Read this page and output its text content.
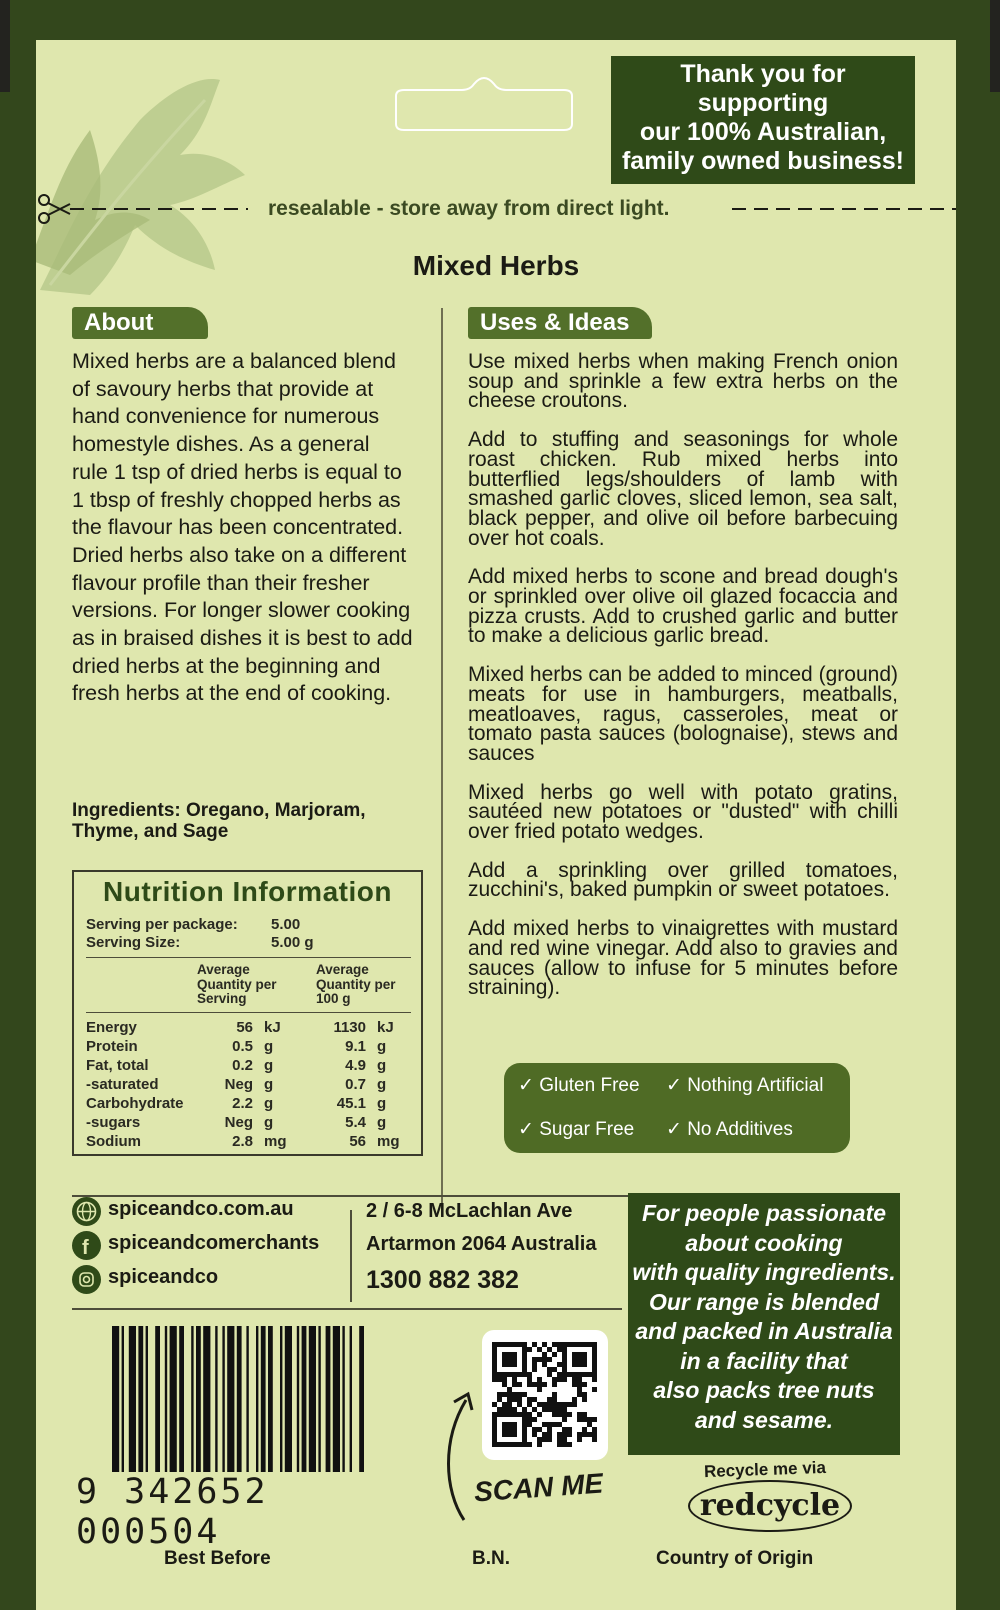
Thank you for
supporting
our 100% Australian,
family owned business!
resealable - store away from direct light.
Mixed Herbs
About	Uses & Ideas
Mixed herbs are a balanced blend
of savoury herbs that provide at
hand convenience for numerous
homestyle dishes. As a general
rule 1 tsp of dried herbs is equal to
1 tbsp of freshly chopped herbs as
the flavour has been concentrated.
Dried herbs also take on a different
flavour profile than their fresher
versions. For longer slower cooking
as in braised dishes it is best to add
dried herbs at the beginning and
fresh herbs at the end of cooking.

Use mixed herbs when making French onion soup and sprinkle a few extra herbs on the cheese croutons.

Add to stuffing and seasonings for whole roast chicken. Rub mixed herbs into butterflied legs/shoulders of lamb with smashed garlic cloves, sliced lemon, sea salt, black pepper, and olive oil before barbecuing over hot coals.

Add mixed herbs to scone and bread dough's or sprinkled over olive oil glazed focaccia and pizza crusts. Add to crushed garlic and butter to make a delicious garlic bread.

Mixed herbs can be added to minced (ground) meats for use in hamburgers, meatballs, meatloaves, ragus, casseroles, meat or tomato pasta sauces (bolognaise), stews and sauces

Mixed herbs go well with potato gratins, sautéed new potatoes or "dusted" with chilli over fried potato wedges.

Add a sprinkling over grilled tomatoes, zucchini's, baked pumpkin or sweet potatoes.

Add mixed herbs to vinaigrettes with mustard and red wine vinegar. Add also to gravies and sauces (allow to infuse for 5 minutes before straining).

Ingredients: Oregano, Marjoram,
Thyme, and Sage
Nutrition Information
Serving per package: 5.00
Serving Size:	5.00 g
Average
Quantity per
Serving
Average
Quantity per
100 g
Energy	56 kJ	1130 kJ
Protein	0.5 g	9.1 g
Fat, total	0.2 g	4.9 g
-saturated	Neg g	0.7 g
Carbohydrate	2.2 g	45.1 g
-sugars	Neg g	5.4 g
Sodium	2.8 mg	56 mg
✓ Gluten Free ✓ Nothing Artificial
✓ Sugar Free ✓ No Additives
spiceandco.com.au
f spiceandcomerchants
spiceandco
2 / 6-8 McLachlan Ave
Artarmon 2064 Australia
1300 882 382
For people passionate
about cooking
with quality ingredients.
Our range is blended
and packed in Australia
in a facility that
also packs tree nuts
and sesame.
9 342652 000504
SCAN ME	Recycle me via
redcycle
Best Before	B.N.	Country of Origin
